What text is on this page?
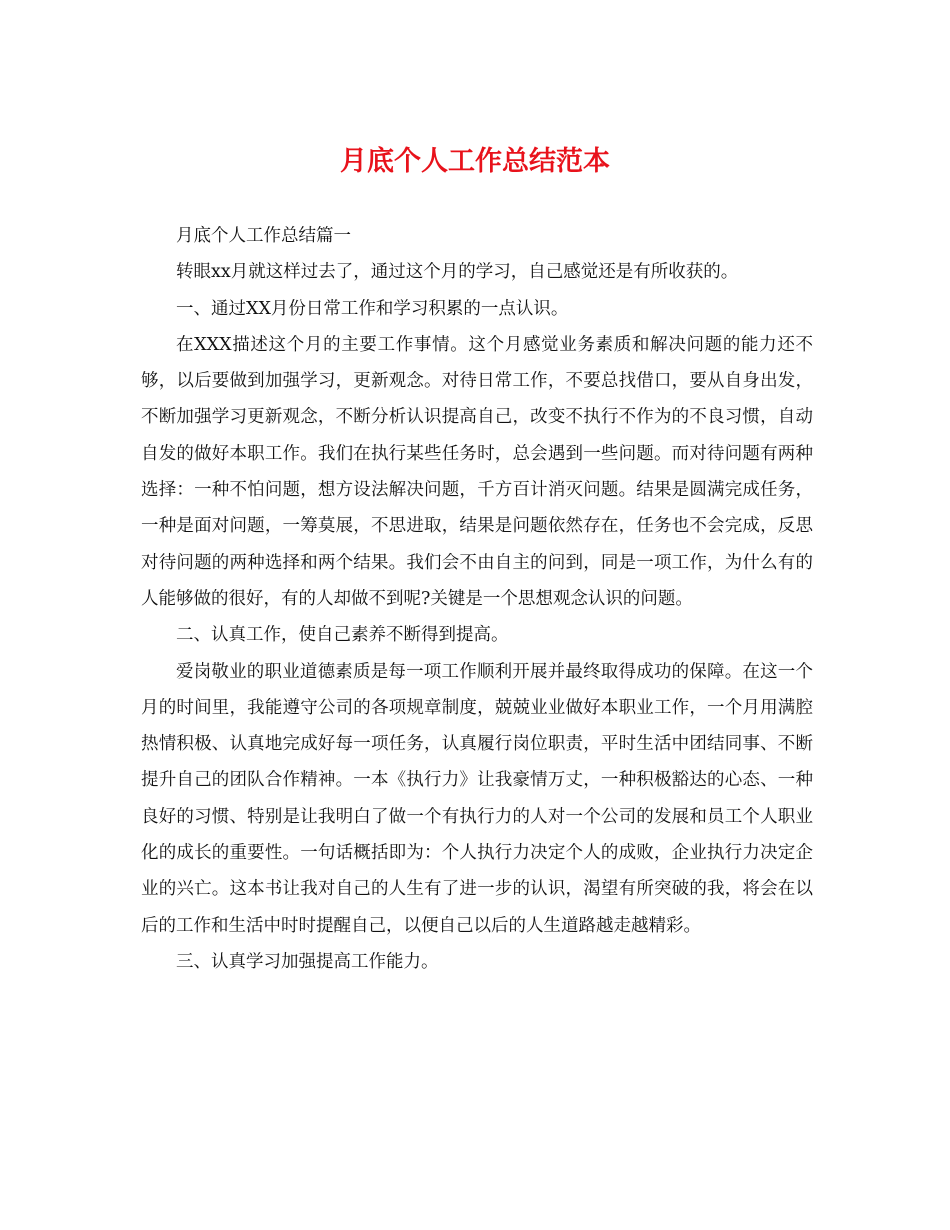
月底个人工作总结范本

月底个人工作总结篇一

转眼xx月就这样过去了，通过这个月的学习，自己感觉还是有所收获的。

一、通过XX月份日常工作和学习积累的一点认识。

在XXX描述这个月的主要工作事情。这个月感觉业务素质和解决问题的能力还不够，以后要做到加强学习，更新观念。对待日常工作，不要总找借口，要从自身出发，不断加强学习更新观念，不断分析认识提高自己，改变不执行不作为的不良习惯，自动自发的做好本职工作。我们在执行某些任务时，总会遇到一些问题。而对待问题有两种选择：一种不怕问题，想方设法解决问题，千方百计消灭问题。结果是圆满完成任务，一种是面对问题，一筹莫展，不思进取，结果是问题依然存在，任务也不会完成，反思对待问题的两种选择和两个结果。我们会不由自主的问到，同是一项工作，为什么有的人能够做的很好，有的人却做不到呢?关键是一个思想观念认识的问题。

二、认真工作，使自己素养不断得到提高。

爱岗敬业的职业道德素质是每一项工作顺利开展并最终取得成功的保障。在这一个月的时间里，我能遵守公司的各项规章制度，兢兢业业做好本职业工作，一个月用满腔热情积极、认真地完成好每一项任务，认真履行岗位职责，平时生活中团结同事、不断提升自己的团队合作精神。一本《执行力》让我豪情万丈，一种积极豁达的心态、一种良好的习惯、特别是让我明白了做一个有执行力的人对一个公司的发展和员工个人职业化的成长的重要性。一句话概括即为：个人执行力决定个人的成败，企业执行力决定企业的兴亡。这本书让我对自己的人生有了进一步的认识，渴望有所突破的我，将会在以后的工作和生活中时时提醒自己，以便自己以后的人生道路越走越精彩。

三、认真学习加强提高工作能力。
